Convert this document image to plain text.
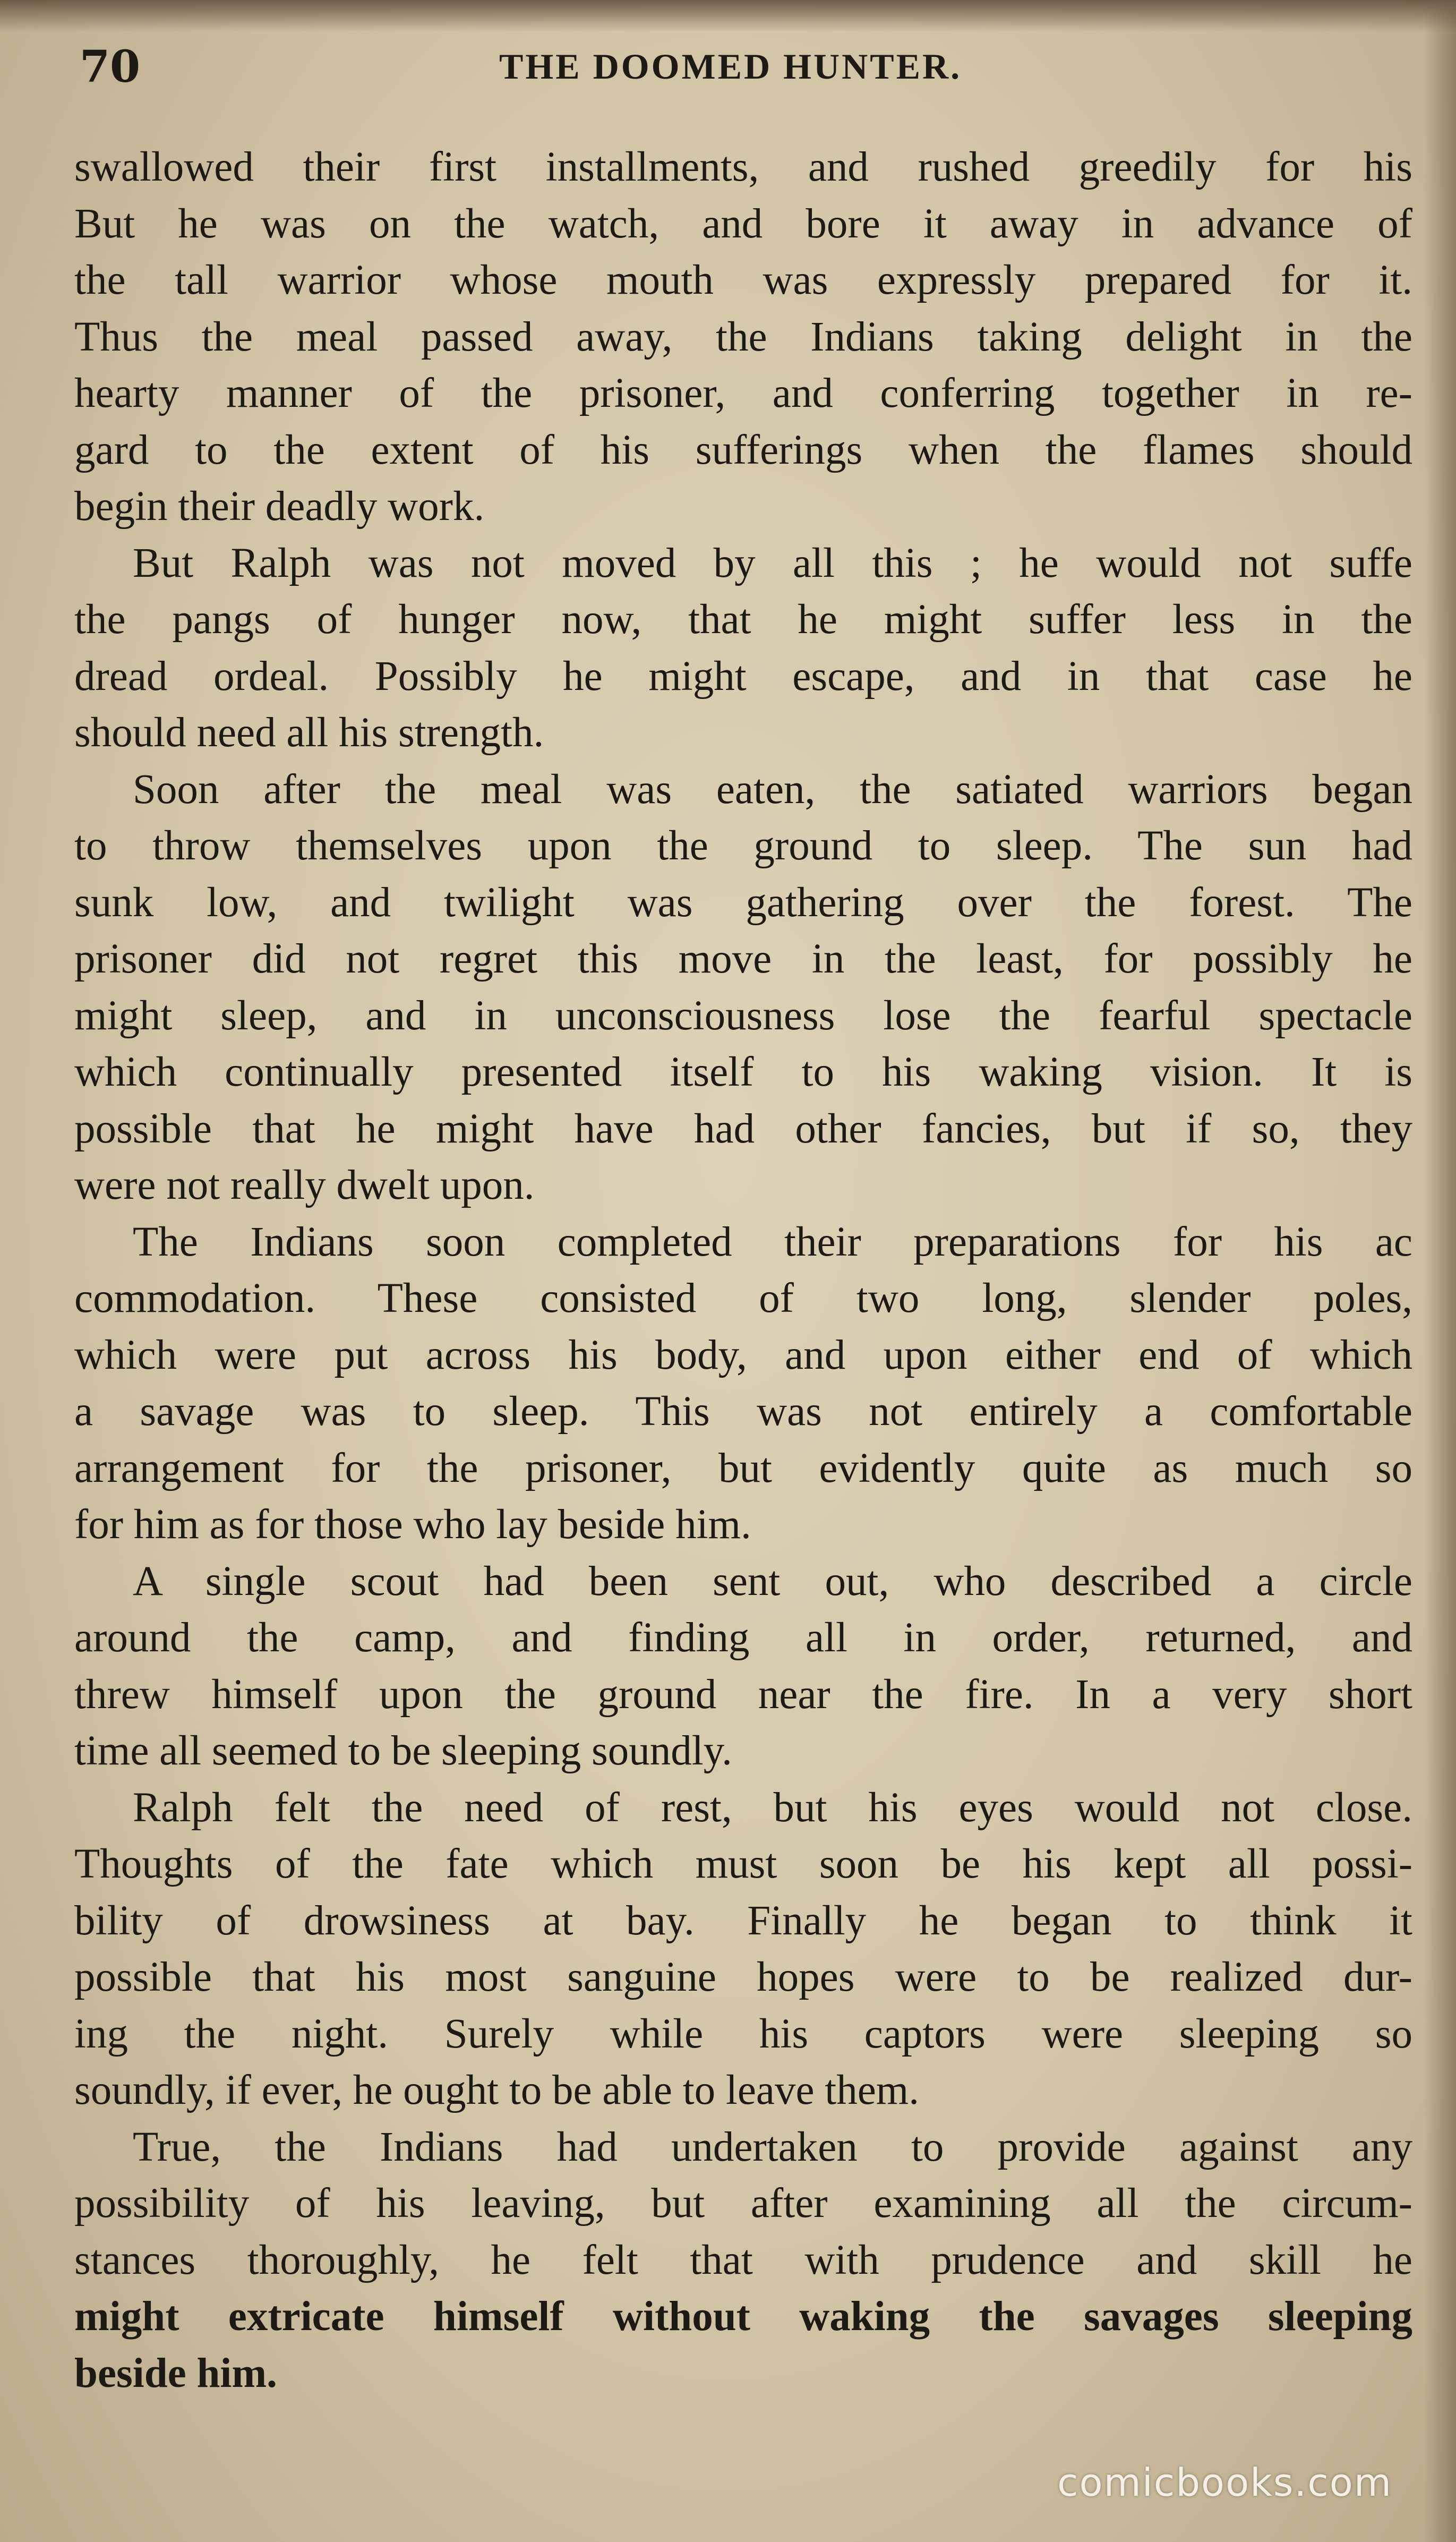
70	THE DOOMED HUNTER.
swallowed their first installments, and rushed greedily for his
But he was on the watch, and bore it away in advance of
the tall warrior whose mouth was expressly prepared for it.
Thus the meal passed away, the Indians taking delight in the
hearty manner of the prisoner, and conferring together in re-
gard to the extent of his sufferings when the flames should
begin their deadly work.
But Ralph was not moved by all this ; he would not suffe
the pangs of hunger now, that he might suffer less in the
dread ordeal. Possibly he might escape, and in that case he
should need all his strength.
Soon after the meal was eaten, the satiated warriors began
to throw themselves upon the ground to sleep. The sun had
sunk low, and twilight was gathering over the forest. The
prisoner did not regret this move in the least, for possibly he
might sleep, and in unconsciousness lose the fearful spectacle
which continually presented itself to his waking vision. It is
possible that he might have had other fancies, but if so, they
were not really dwelt upon.
The Indians soon completed their preparations for his ac
commodation. These consisted of two long, slender poles,
which were put across his body, and upon either end of which
a savage was to sleep. This was not entirely a comfortable
arrangement for the prisoner, but evidently quite as much so
for him as for those who lay beside him.
A single scout had been sent out, who described a circle
around the camp, and finding all in order, returned, and
threw himself upon the ground near the fire. In a very short
time all seemed to be sleeping soundly.
Ralph felt the need of rest, but his eyes would not close.
Thoughts of the fate which must soon be his kept all possi-
bility of drowsiness at bay. Finally he began to think it
possible that his most sanguine hopes were to be realized dur-
ing the night. Surely while his captors were sleeping so
soundly, if ever, he ought to be able to leave them.
True, the Indians had undertaken to provide against any
possibility of his leaving, but after examining all the circum-
stances thoroughly, he felt that with prudence and skill he
might extricate himself without waking the savages sleeping
beside him.
comicbooks.com
